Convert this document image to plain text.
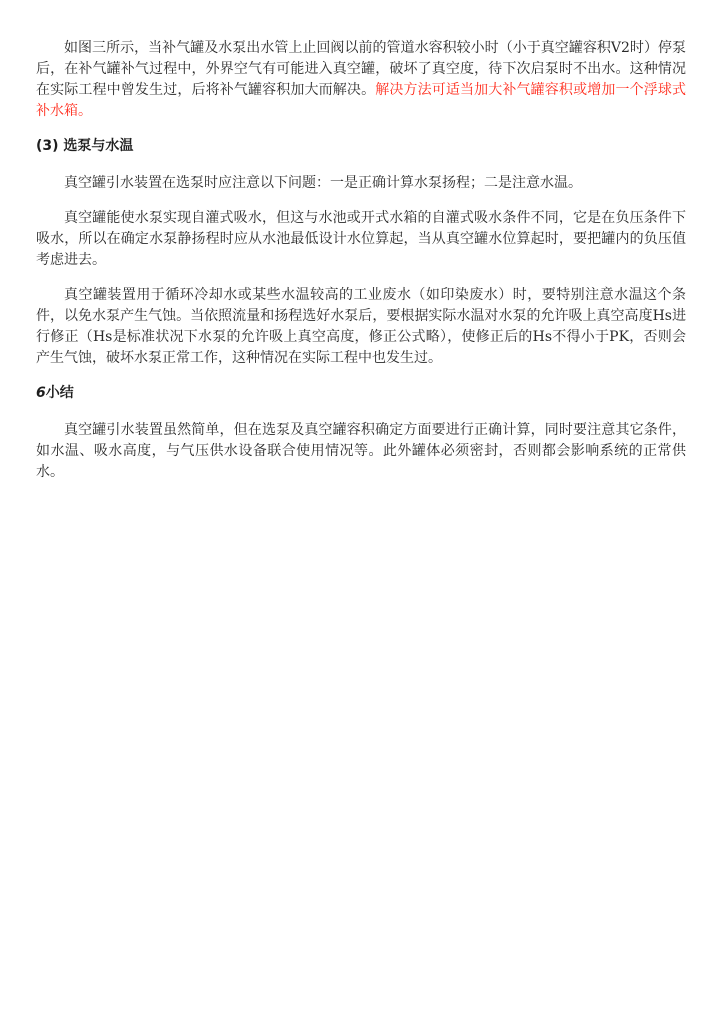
如图三所示，当补气罐及水泵出水管上止回阀以前的管道水容积较小时（小于真空罐容积V2时）停泵后，在补气罐补气过程中，外界空气有可能进入真空罐，破坏了真空度，待下次启泵时不出水。这种情况在实际工程中曾发生过，后将补气罐容积加大而解决。解决方法可适当加大补气罐容积或增加一个浮球式补水箱。

(3) 选泵与水温

真空罐引水装置在选泵时应注意以下问题：一是正确计算水泵扬程；二是注意水温。

真空罐能使水泵实现自灌式吸水，但这与水池或开式水箱的自灌式吸水条件不同，它是在负压条件下吸水，所以在确定水泵静扬程时应从水池最低设计水位算起，当从真空罐水位算起时，要把罐内的负压值考虑进去。

真空罐装置用于循环冷却水或某些水温较高的工业废水（如印染废水）时，要特别注意水温这个条件，以免水泵产生气蚀。当依照流量和扬程选好水泵后，要根据实际水温对水泵的允许吸上真空高度Hs进行修正（Hs是标准状况下水泵的允许吸上真空高度，修正公式略），使修正后的Hs不得小于PK，否则会产生气蚀，破坏水泵正常工作，这种情况在实际工程中也发生过。

6小结

真空罐引水装置虽然简单，但在选泵及真空罐容积确定方面要进行正确计算，同时要注意其它条件，如水温、吸水高度，与气压供水设备联合使用情况等。此外罐体必须密封，否则都会影响系统的正常供水。
